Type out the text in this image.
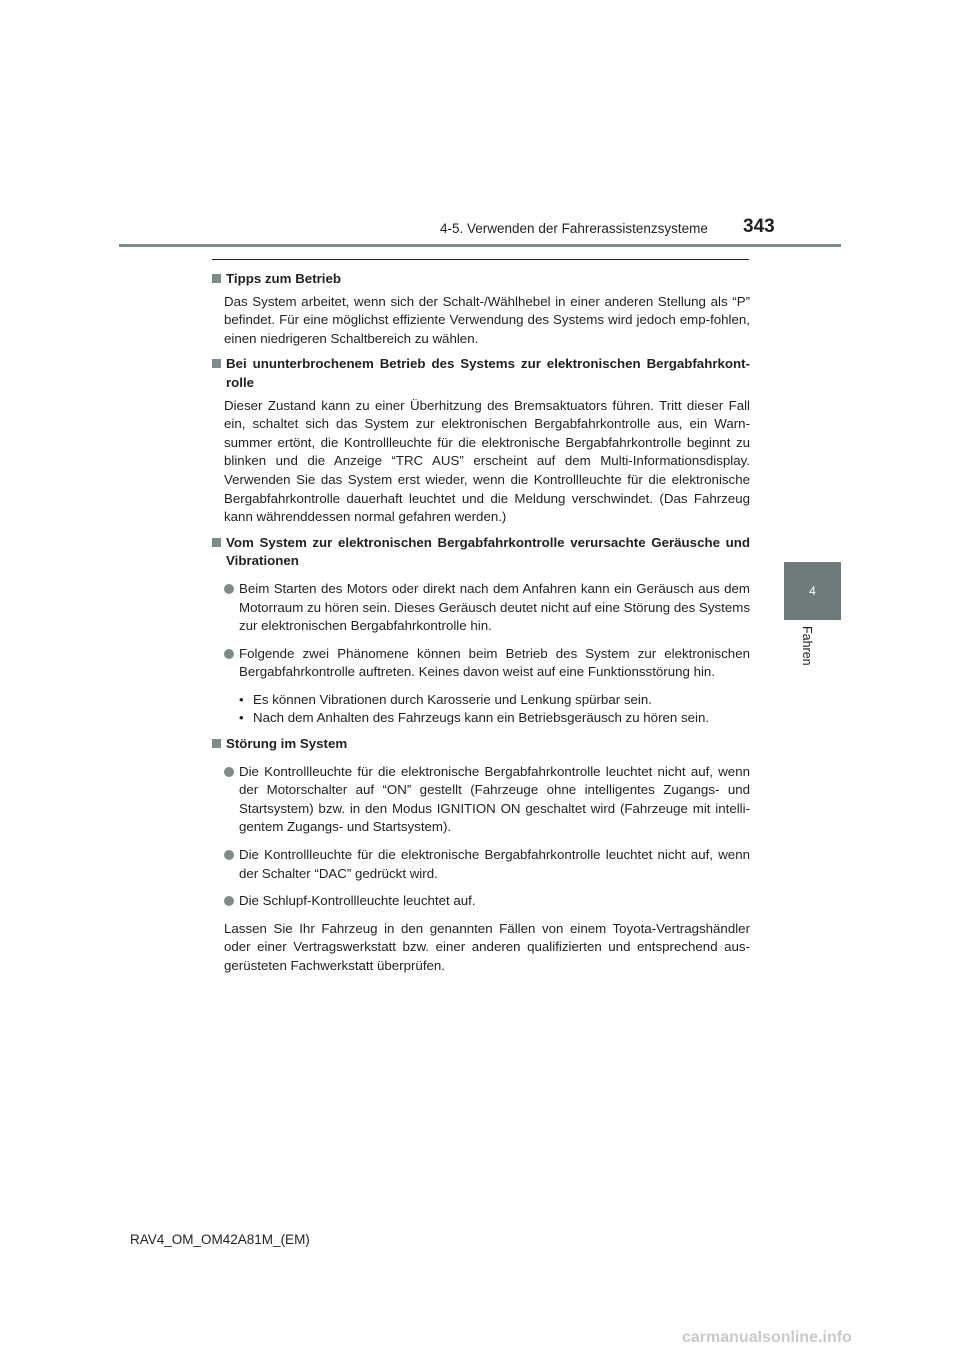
4-5. Verwenden der Fahrerassistenzsysteme 343
4
Fahren
Tipps zum Betrieb
Das System arbeitet, wenn sich der Schalt-/Wählhebel in einer anderen Stellung als “P” befindet. Für eine möglichst effiziente Verwendung des Systems wird jedoch emp-fohlen, einen niedrigeren Schaltbereich zu wählen.
Bei ununterbrochenem Betrieb des Systems zur elektronischen Bergabfahrkont-rolle
Dieser Zustand kann zu einer Überhitzung des Bremsaktuators führen. Tritt dieser Fall ein, schaltet sich das System zur elektronischen Bergabfahrkontrolle aus, ein Warn-summer ertönt, die Kontrollleuchte für die elektronische Bergabfahrkontrolle beginnt zu blinken und die Anzeige “TRC AUS” erscheint auf dem Multi-Informationsdisplay. Verwenden Sie das System erst wieder, wenn die Kontrollleuchte für die elektronische Bergabfahrkontrolle dauerhaft leuchtet und die Meldung verschwindet. (Das Fahrzeug kann währenddessen normal gefahren werden.)
Vom System zur elektronischen Bergabfahrkontrolle verursachte Geräusche und Vibrationen
Beim Starten des Motors oder direkt nach dem Anfahren kann ein Geräusch aus dem Motorraum zu hören sein. Dieses Geräusch deutet nicht auf eine Störung des Systems zur elektronischen Bergabfahrkontrolle hin.
Folgende zwei Phänomene können beim Betrieb des System zur elektronischen Bergabfahrkontrolle auftreten. Keines davon weist auf eine Funktionsstörung hin.
• Es können Vibrationen durch Karosserie und Lenkung spürbar sein.
• Nach dem Anhalten des Fahrzeugs kann ein Betriebsgeräusch zu hören sein.
Störung im System
Die Kontrollleuchte für die elektronische Bergabfahrkontrolle leuchtet nicht auf, wenn der Motorschalter auf “ON” gestellt (Fahrzeuge ohne intelligentes Zugangs- und Startsystem) bzw. in den Modus IGNITION ON geschaltet wird (Fahrzeuge mit intelli-gentem Zugangs- und Startsystem).
Die Kontrollleuchte für die elektronische Bergabfahrkontrolle leuchtet nicht auf, wenn der Schalter “DAC” gedrückt wird.
Die Schlupf-Kontrollleuchte leuchtet auf.
Lassen Sie Ihr Fahrzeug in den genannten Fällen von einem Toyota-Vertragshändler oder einer Vertragswerkstatt bzw. einer anderen qualifizierten und entsprechend aus-gerüsteten Fachwerkstatt überprüfen.
RAV4_OM_OM42A81M_(EM)
carmanualsonline.info
